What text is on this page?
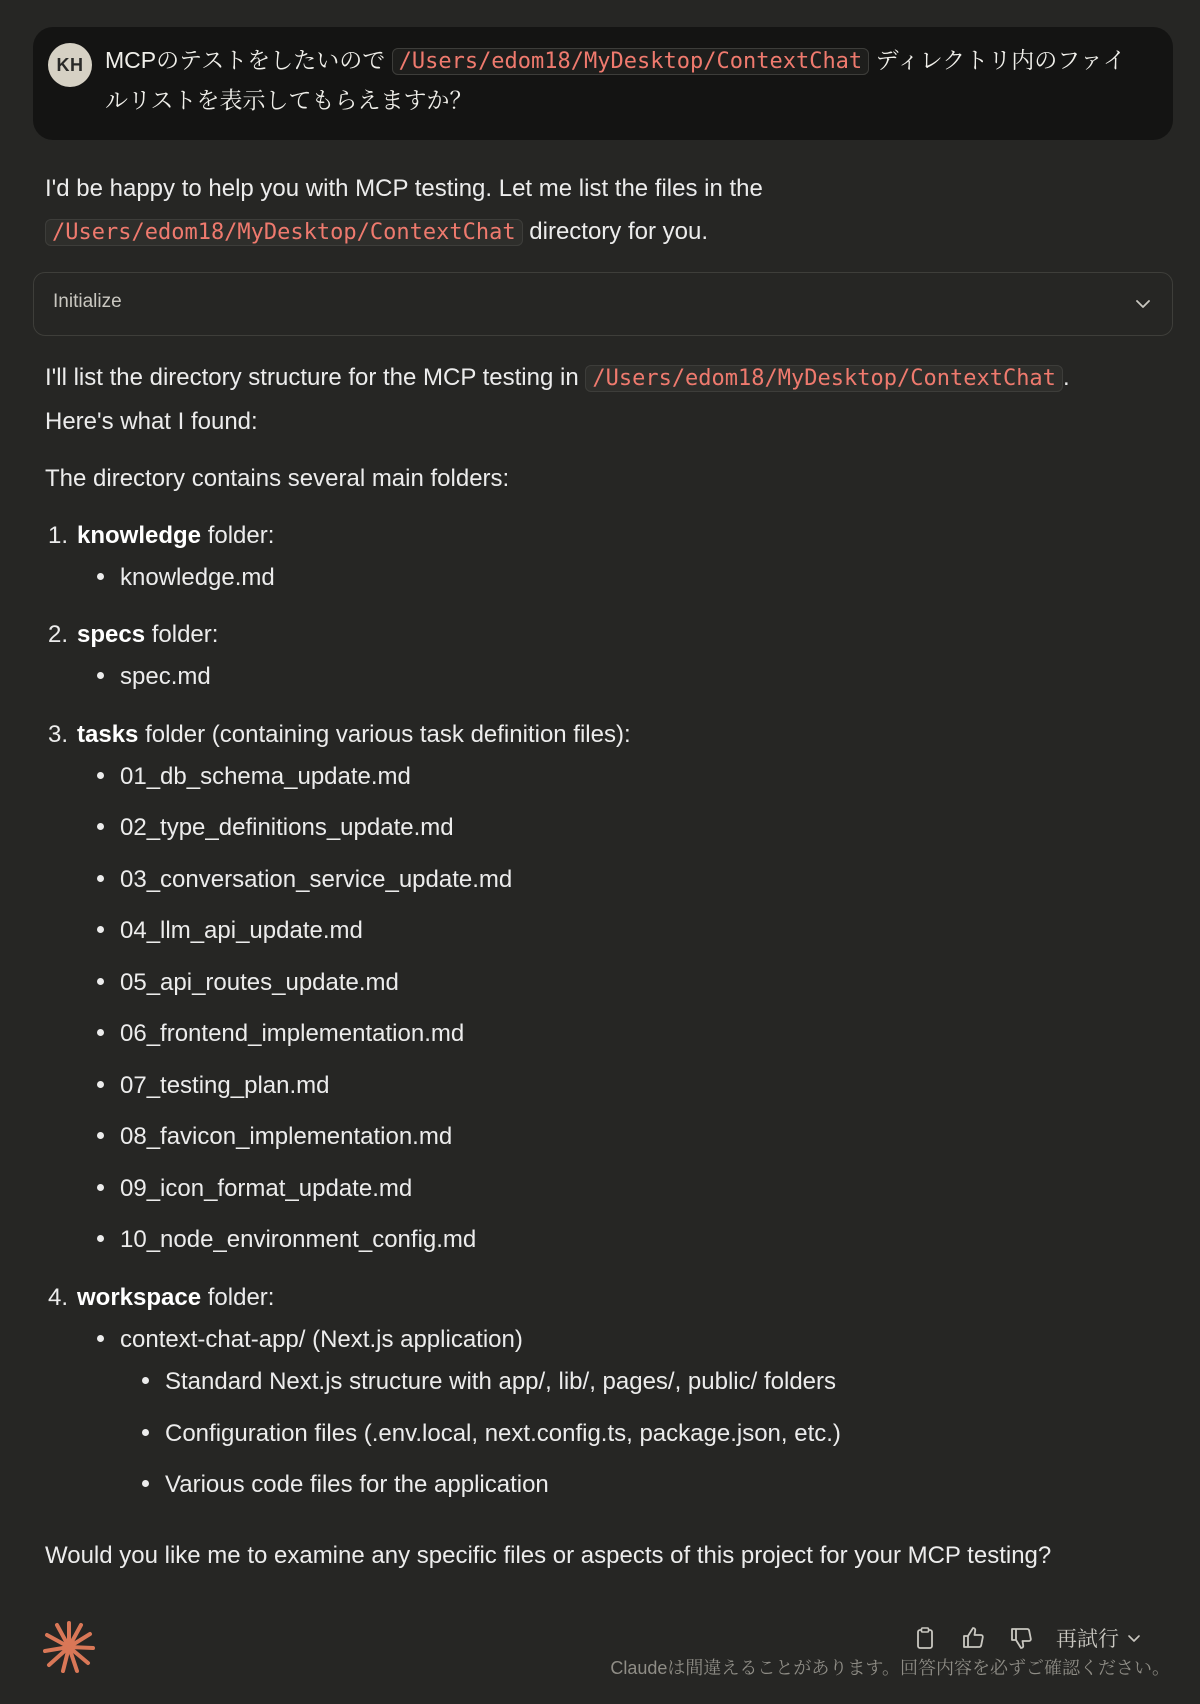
KH MCPのテストをしたいので /Users/edom18/MyDesktop/ContextChat ディレクトリ内のファイ
ルリストを表示してもらえますか？
I'd be happy to help you with MCP testing. Let me list the files in the
/Users/edom18/MyDesktop/ContextChat directory for you.
Initialize
I'll list the directory structure for the MCP testing in /Users/edom18/MyDesktop/ContextChat .
Here's what I found:
The directory contains several main folders:
1. knowledge folder:
knowledge.md
2. specs folder:
spec.md
3. tasks folder (containing various task definition files):
01_db_schema_update.md
02_type_definitions_update.md
03_conversation_service_update.md
04_llm_api_update.md
05_api_routes_update.md
06_frontend_implementation.md
07_testing_plan.md
08_favicon_implementation.md
09_icon_format_update.md
10_node_environment_config.md
4. workspace folder:
context-chat-app/ (Next.js application)
Standard Next.js structure with app/, lib/, pages/, public/ folders
Configuration files (.env.local, next.config.ts, package.json, etc.)
Various code files for the application
Would you like me to examine any specific files or aspects of this project for your MCP testing?
再試行
Claudeは間違えることがあります。回答内容を必ずご確認ください。
